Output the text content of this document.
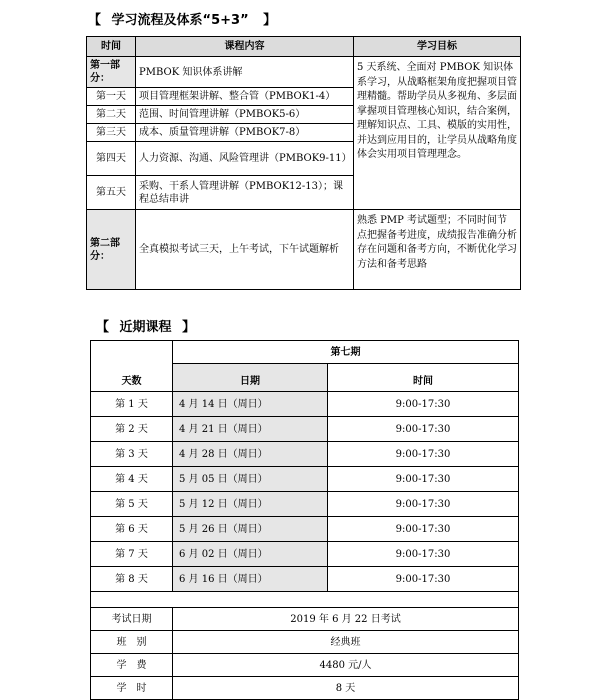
【 学习流程及体系“5+3” 】
时间	课程内容	学习目标
第一部分：	PMBOK 知识体系讲解	5 天系统、全面对 PMBOK 知识体系学习，从战略框架角度把握项目管理精髓。帮助学员从多视角、多层面掌握项目管理核心知识，结合案例，理解知识点、工具、模版的实用性，并达到应用目的，让学员从战略角度体会实用项目管理理念。
第一天	项目管理框架讲解、整合管（PMBOK1-4）	
第二天	范围、时间管理讲解（PMBOK5-6）	
第三天	成本、质量管理讲解（PMBOK7-8）	
第四天	人力资源、沟通、风险管理讲（PMBOK9-11）	
第五天	采购、干系人管理讲解（PMBOK12-13）；课程总结串讲	
第二部分：	全真模拟考试三天，上午考试，下午试题解析	熟悉 PMP 考试题型；不同时间节点把握备考进度，成绩报告准确分析存在问题和备考方向，不断优化学习方法和备考思路
【 近期课程 】
	第七期	

天数	日期	时间
第 1 天	4 月 14 日（周日）	9:00-17:30
第 2 天	4 月 21 日（周日）	9:00-17:30
第 3 天	4 月 28 日（周日）	9:00-17:30
第 4 天	5 月 05 日（周日）	9:00-17:30
第 5 天	5 月 12 日（周日）	9:00-17:30
第 6 天	5 月 26 日（周日）	9:00-17:30
第 7 天	6 月 02 日（周日）	9:00-17:30
第 8 天	6 月 16 日（周日）	9:00-17:30

考试日期	2019 年 6 月 22 日考试	
班　别	经典班	
学　费	4480 元/人	
学　时	8 天	
